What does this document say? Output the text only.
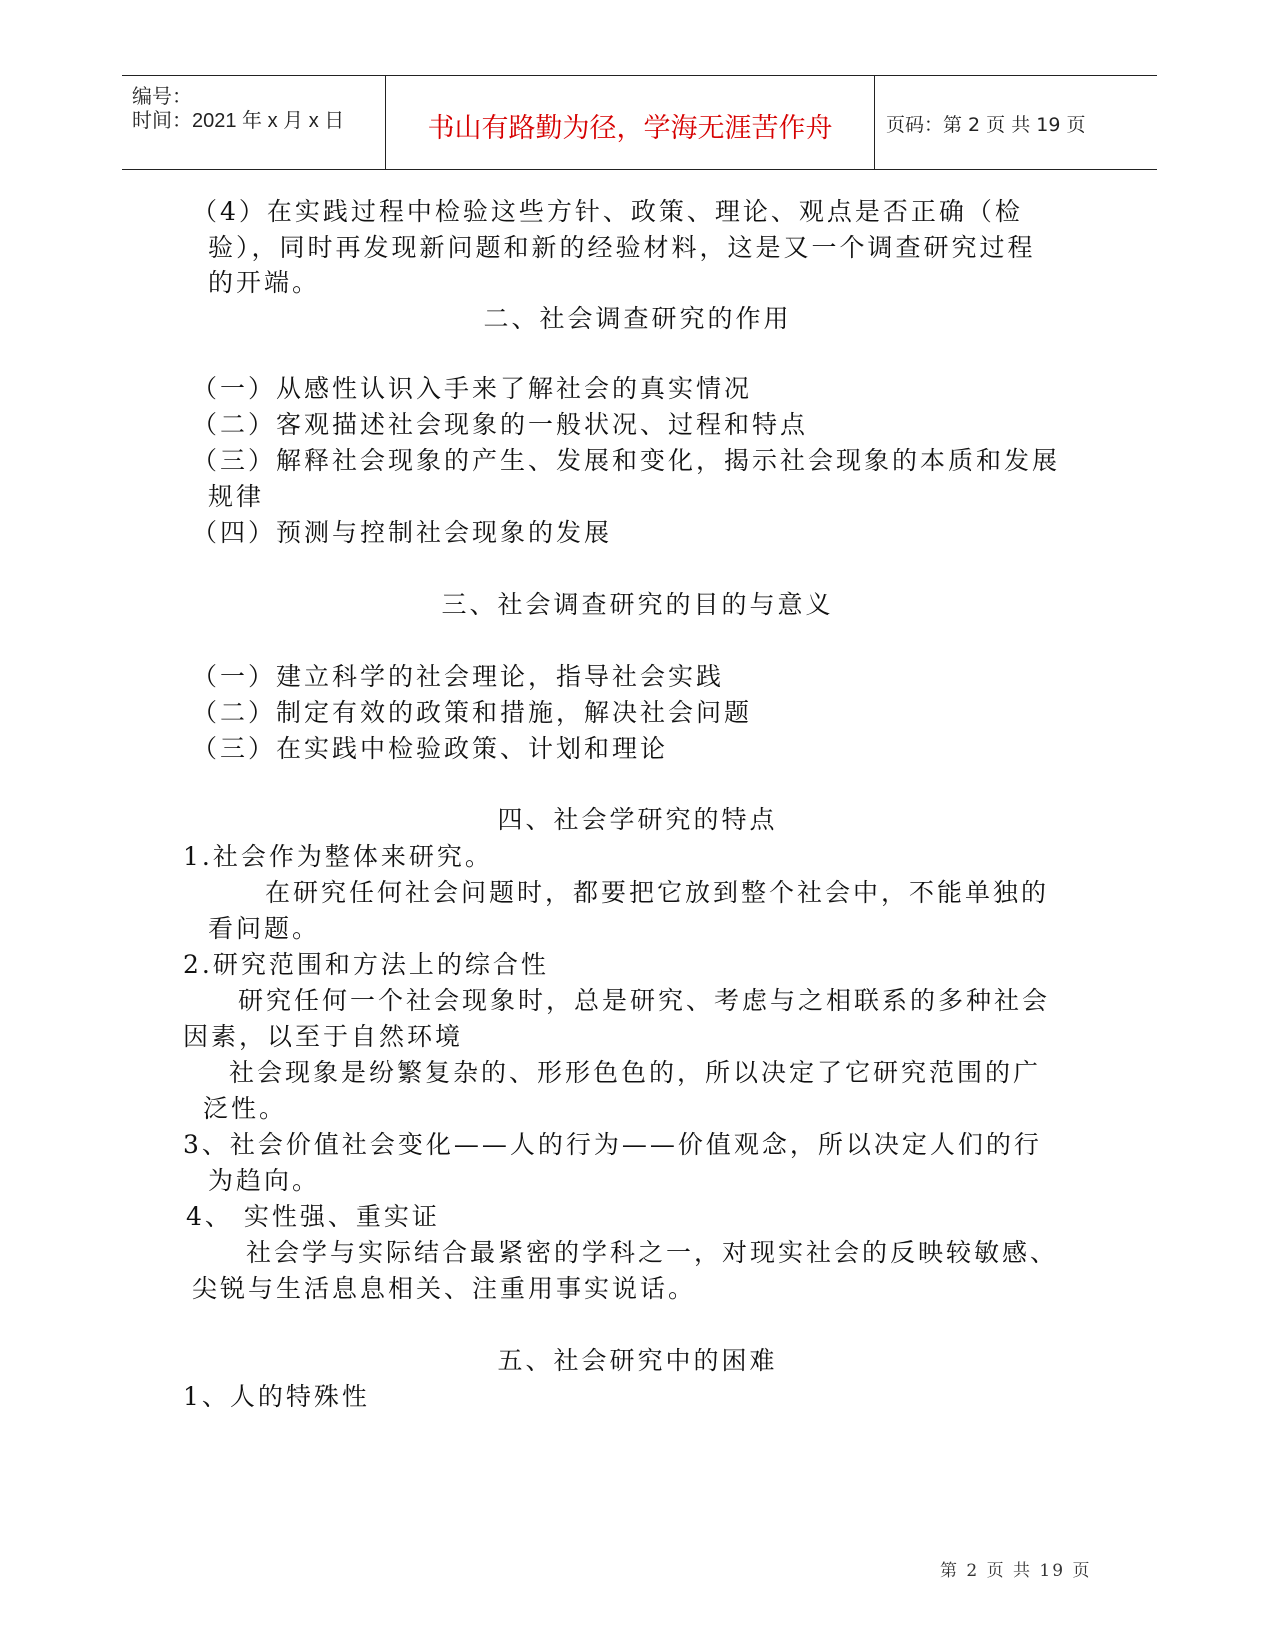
编号：
时间：2021 年 x 月 x 日	书山有路勤为径，学海无涯苦作舟	页码：第 2 页 共 19 页
（4）在实践过程中检验这些方针、政策、理论、观点是否正确（检
验），同时再发现新问题和新的经验材料，这是又一个调查研究过程
的开端。
二、社会调查研究的作用
（一）从感性认识入手来了解社会的真实情况
（二）客观描述社会现象的一般状况、过程和特点
（三）解释社会现象的产生、发展和变化，揭示社会现象的本质和发展
规律
（四）预测与控制社会现象的发展
三、社会调查研究的目的与意义
（一）建立科学的社会理论，指导社会实践
（二）制定有效的政策和措施，解决社会问题
（三）在实践中检验政策、计划和理论
四、社会学研究的特点
1.社会作为整体来研究。
在研究任何社会问题时，都要把它放到整个社会中，不能单独的
看问题。
2.研究范围和方法上的综合性
研究任何一个社会现象时，总是研究、考虑与之相联系的多种社会
因素，以至于自然环境
社会现象是纷繁复杂的、形形色色的，所以决定了它研究范围的广
泛性。
3、社会价值社会变化——人的行为——价值观念，所以决定人们的行
为趋向。
4、 实性强、重实证
社会学与实际结合最紧密的学科之一，对现实社会的反映较敏感、
尖锐与生活息息相关、注重用事实说话。
五、社会研究中的困难
1、人的特殊性
第 2 页 共 19 页
